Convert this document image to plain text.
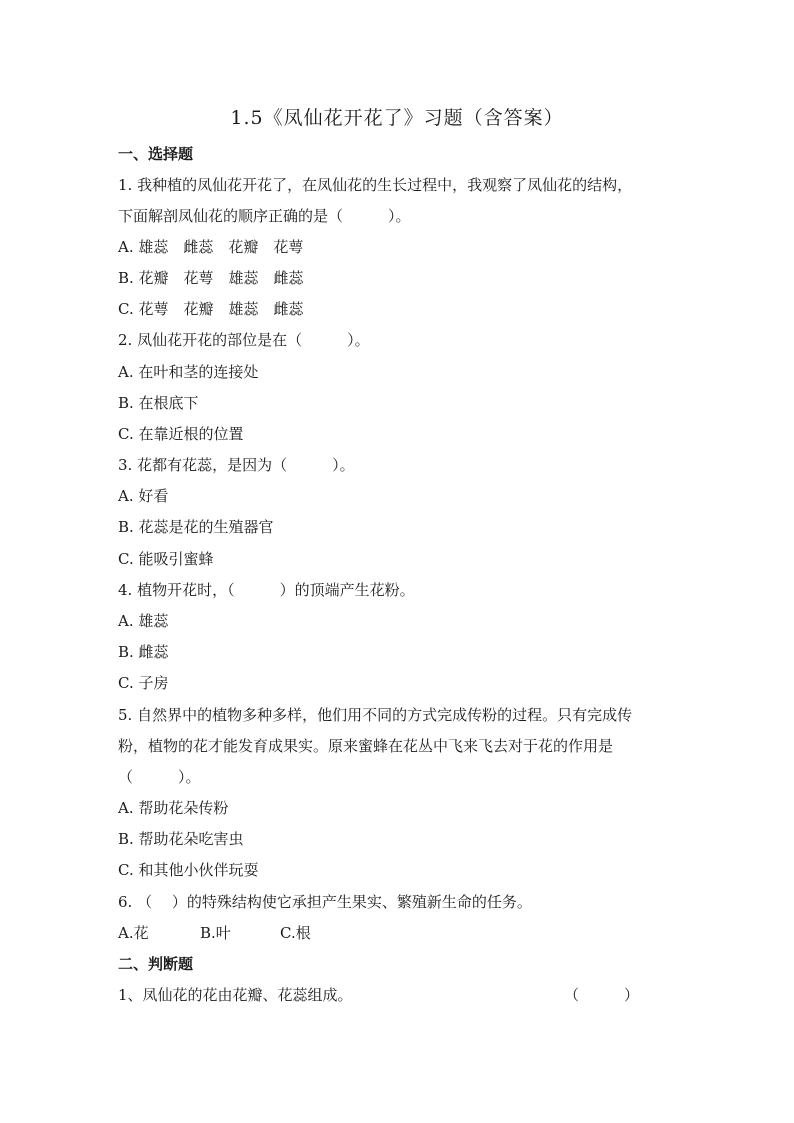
1.5《凤仙花开花了》习题（含答案）
一、选择题
1. 我种植的凤仙花开花了，在凤仙花的生长过程中，我观察了凤仙花的结构，
下面解剖凤仙花的顺序正确的是（　　　）。
A. 雄蕊　雌蕊　花瓣　花萼
B. 花瓣　花萼　雄蕊　雌蕊
C. 花萼　花瓣　雄蕊　雌蕊
2. 凤仙花开花的部位是在（　　　）。
A. 在叶和茎的连接处
B. 在根底下
C. 在靠近根的位置
3. 花都有花蕊，是因为（　　　）。
A. 好看
B. 花蕊是花的生殖器官
C. 能吸引蜜蜂
4. 植物开花时，（　　　）的顶端产生花粉。
A. 雄蕊
B. 雌蕊
C. 子房
5. 自然界中的植物多种多样，他们用不同的方式完成传粉的过程。只有完成传
粉，植物的花才能发育成果实。原来蜜蜂在花丛中飞来飞去对于花的作用是
（　　　）。
A. 帮助花朵传粉
B. 帮助花朵吃害虫
C. 和其他小伙伴玩耍
6. （　 ）的特殊结构使它承担产生果实、繁殖新生命的任务。
A.花	B.叶	C.根
二、判断题
1、凤仙花的花由花瓣、花蕊组成。	（　　　）
